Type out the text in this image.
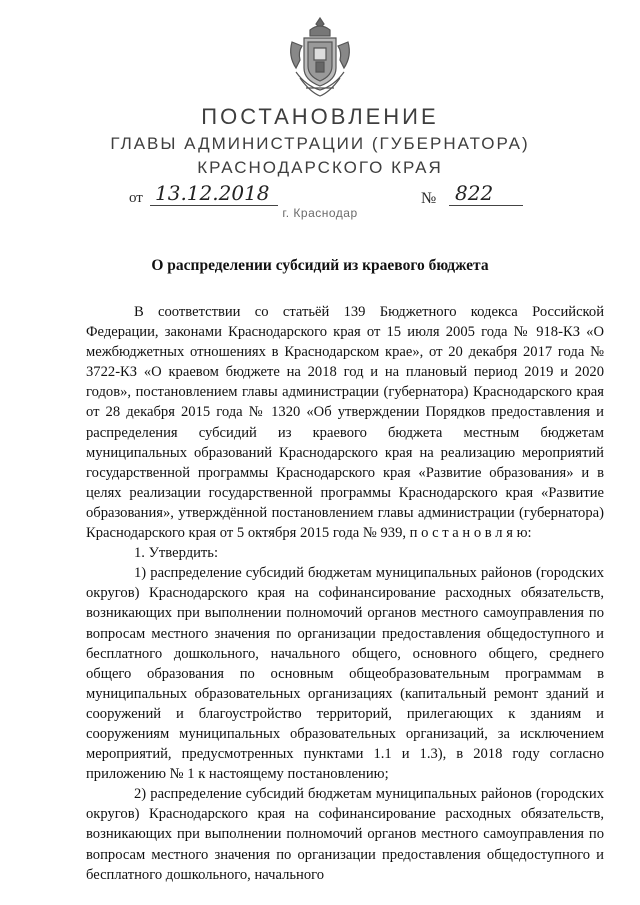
ПОСТАНОВЛЕНИЕ
ГЛАВЫ АДМИНИСТРАЦИИ (ГУБЕРНАТОРА)
КРАСНОДАРСКОГО КРАЯ
от 13.12.2018	№ 822
г. Краснодар
О распределении субсидий из краевого бюджета

В соответствии со статьёй 139 Бюджетного кодекса Российской Федерации, законами Краснодарского края от 15 июля 2005 года № 918-КЗ «О межбюджетных отношениях в Краснодарском крае», от 20 декабря 2017 года № 3722-КЗ «О краевом бюджете на 2018 год и на плановый период 2019 и 2020 годов», постановлением главы администрации (губернатора) Краснодарского края от 28 декабря 2015 года № 1320 «Об утверждении Порядков предоставления и распределения субсидий из краевого бюджета местным бюджетам муниципальных образований Краснодарского края на реализацию мероприятий государственной программы Краснодарского края «Развитие образования» и в целях реализации государственной программы Краснодарского края «Развитие образования», утверждённой постановлением главы администрации (губернатора) Краснодарского края от 5 октября 2015 года № 939, п о с т а н о в л я ю:

1. Утвердить:

1) распределение субсидий бюджетам муниципальных районов (городских округов) Краснодарского края на софинансирование расходных обязательств, возникающих при выполнении полномочий органов местного самоуправления по вопросам местного значения по организации предоставления общедоступного и бесплатного дошкольного, начального общего, основного общего, среднего общего образования по основным общеобразовательным программам в муниципальных образовательных организациях (капитальный ремонт зданий и сооружений и благоустройство территорий, прилегающих к зданиям и сооружениям муниципальных образовательных организаций, за исключением мероприятий, предусмотренных пунктами 1.1 и 1.3), в 2018 году согласно приложению № 1 к настоящему постановлению;

2) распределение субсидий бюджетам муниципальных районов (городских округов) Краснодарского края на софинансирование расходных обязательств, возникающих при выполнении полномочий органов местного самоуправления по вопросам местного значения по организации предоставления общедоступного и бесплатного дошкольного, начального
